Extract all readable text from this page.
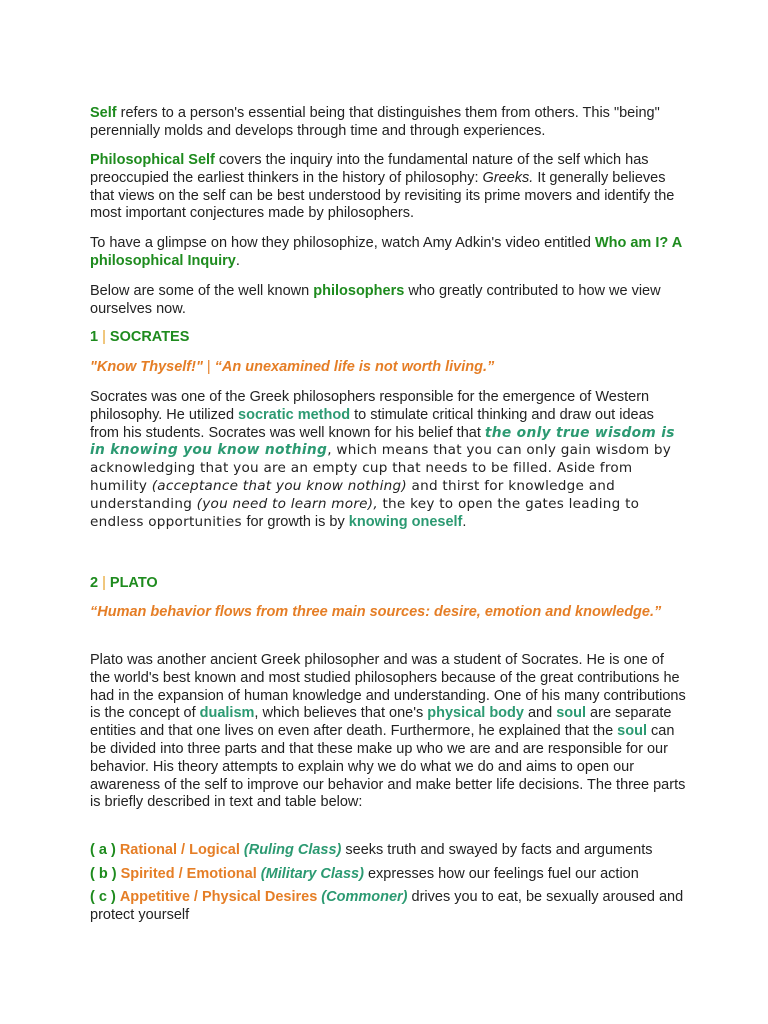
Self refers to a person's essential being that distinguishes them from others. This "being" perennially molds and develops through time and through experiences.

Philosophical Self covers the inquiry into the fundamental nature of the self which has preoccupied the earliest thinkers in the history of philosophy: Greeks. It generally believes that views on the self can be best understood by revisiting its prime movers and identify the most important conjectures made by philosophers.

To have a glimpse on how they philosophize, watch Amy Adkin's video entitled Who am I? A philosophical Inquiry.

Below are some of the well known philosophers who greatly contributed to how we view ourselves now.

1 | SOCRATES

"Know Thyself!" | “An unexamined life is not worth living.”

Socrates was one of the Greek philosophers responsible for the emergence of Western philosophy. He utilized socratic method to stimulate critical thinking and draw out ideas from his students. Socrates was well known for his belief that the only true wisdom is in knowing you know nothing, which means that you can only gain wisdom by acknowledging that you are an empty cup that needs to be filled. Aside from humility (acceptance that you know nothing) and thirst for knowledge and understanding (you need to learn more), the key to open the gates leading to endless opportunities for growth is by knowing oneself.

2 | PLATO

“Human behavior flows from three main sources: desire, emotion and knowledge.”

Plato was another ancient Greek philosopher and was a student of Socrates. He is one of the world's best known and most studied philosophers because of the great contributions he had in the expansion of human knowledge and understanding. One of his many contributions is the concept of dualism, which believes that one's physical body and soul are separate entities and that one lives on even after death. Furthermore, he explained that the soul can be divided into three parts and that these make up who we are and are responsible for our behavior. His theory attempts to explain why we do what we do and aims to open our awareness of the self to improve our behavior and make better life decisions. The three parts is briefly described in text and table below:

( a ) Rational / Logical (Ruling Class) seeks truth and swayed by facts and arguments

( b ) Spirited / Emotional (Military Class) expresses how our feelings fuel our action

( c ) Appetitive / Physical Desires (Commoner) drives you to eat, be sexually aroused and protect yourself
